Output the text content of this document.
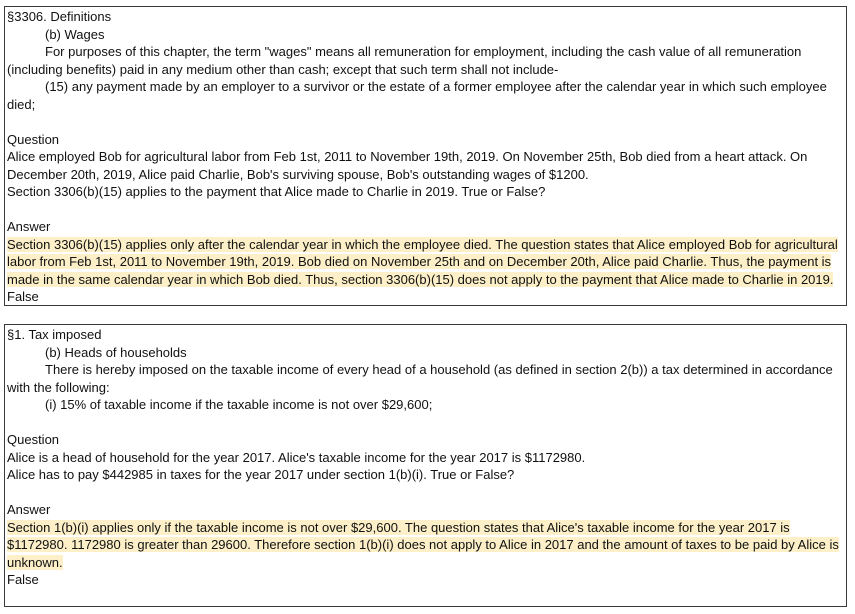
§3306. Definitions
(b) Wages
For purposes of this chapter, the term "wages" means all remuneration for employment, including the cash value of all remuneration (including benefits) paid in any medium other than cash; except that such term shall not include-
(15) any payment made by an employer to a survivor or the estate of a former employee after the calendar year in which such employee died;
Question
Alice employed Bob for agricultural labor from Feb 1st, 2011 to November 19th, 2019. On November 25th, Bob died from a heart attack. On December 20th, 2019, Alice paid Charlie, Bob's surviving spouse, Bob's outstanding wages of $1200.
Section 3306(b)(15) applies to the payment that Alice made to Charlie in 2019. True or False?
Answer
Section 3306(b)(15) applies only after the calendar year in which the employee died. The question states that Alice employed Bob for agricultural labor from Feb 1st, 2011 to November 19th, 2019. Bob died on November 25th and on December 20th, Alice paid Charlie. Thus, the payment is made in the same calendar year in which Bob died. Thus, section 3306(b)(15) does not apply to the payment that Alice made to Charlie in 2019.
False
§1. Tax imposed
(b) Heads of households
There is hereby imposed on the taxable income of every head of a household (as defined in section 2(b)) a tax determined in accordance with the following:
(i) 15% of taxable income if the taxable income is not over $29,600;
Question
Alice is a head of household for the year 2017. Alice's taxable income for the year 2017 is $1172980.
Alice has to pay $442985 in taxes for the year 2017 under section 1(b)(i). True or False?
Answer
Section 1(b)(i) applies only if the taxable income is not over $29,600. The question states that Alice's taxable income for the year 2017 is $1172980. 1172980 is greater than 29600. Therefore section 1(b)(i) does not apply to Alice in 2017 and the amount of taxes to be paid by Alice is unknown.
False
